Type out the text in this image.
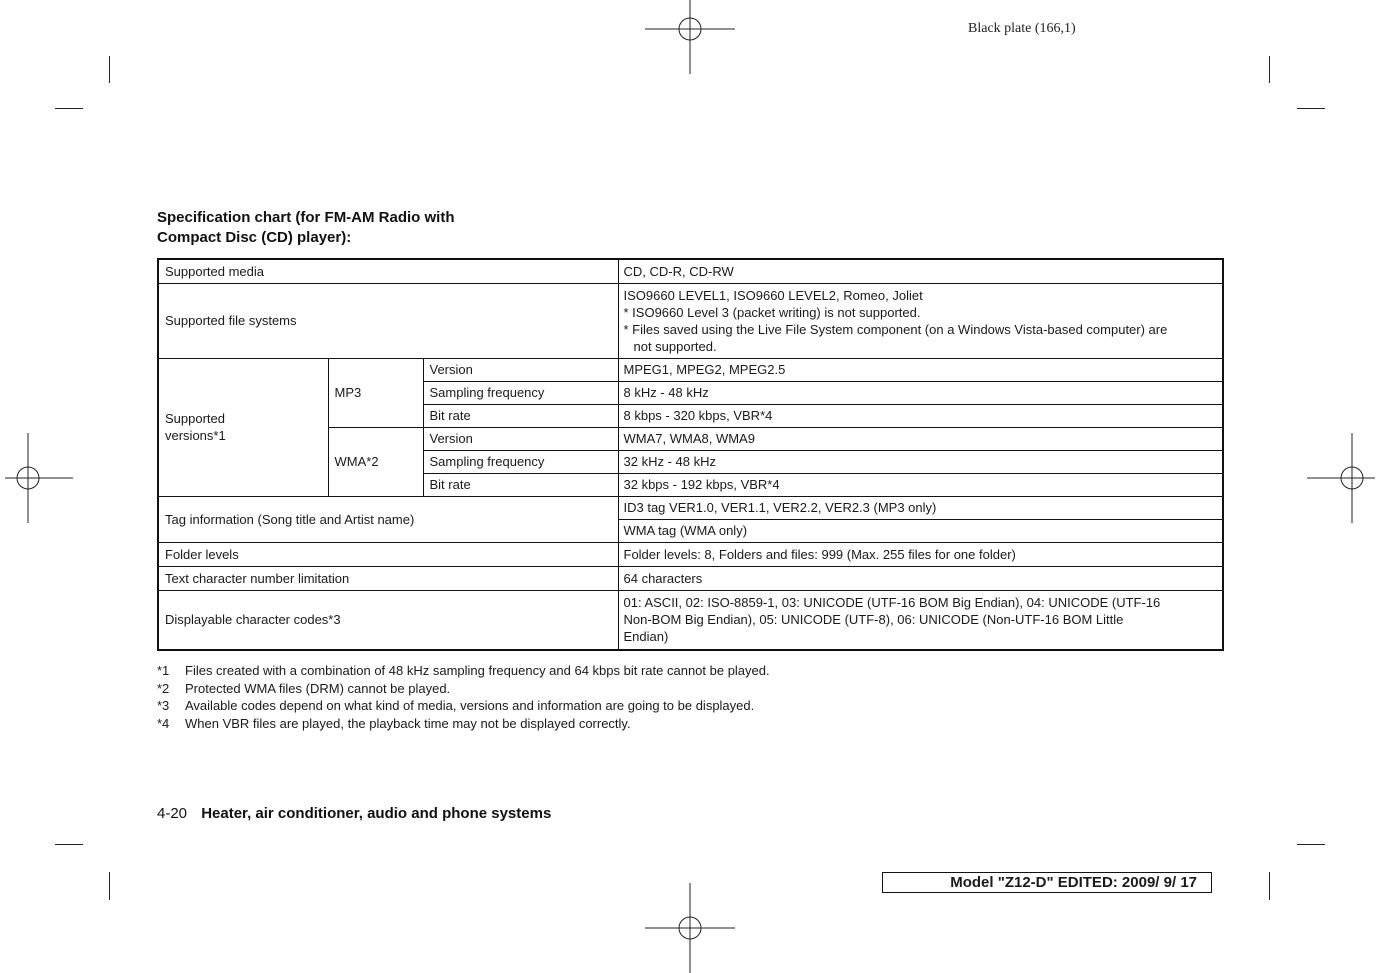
Black plate (166,1)
Specification chart (for FM-AM Radio with
Compact Disc (CD) player):
Supported media			CD, CD-R, CD-RW
Supported file systems			ISO9660 LEVEL1, ISO9660 LEVEL2, Romeo, Joliet
* ISO9660 Level 3 (packet writing) is not supported.
* Files saved using the Live File System component (on a Windows Vista-based computer) are
not supported.

Supported
versions*1	MP3	Version	MPEG1, MPEG2, MPEG2.5
		Sampling frequency	8 kHz - 48 kHz
		Bit rate	8 kbps - 320 kbps, VBR*4
	WMA*2	Version	WMA7, WMA8, WMA9
		Sampling frequency	32 kHz - 48 kHz
		Bit rate	32 kbps - 192 kbps, VBR*4
Tag information (Song title and Artist name)			ID3 tag VER1.0, VER1.1, VER2.2, VER2.3 (MP3 only)
			WMA tag (WMA only)
Folder levels			Folder levels: 8, Folders and files: 999 (Max. 255 files for one folder)
Text character number limitation			64 characters
Displayable character codes*3			01: ASCII, 02: ISO-8859-1, 03: UNICODE (UTF-16 BOM Big Endian), 04: UNICODE (UTF-16
Non-BOM Big Endian), 05: UNICODE (UTF-8), 06: UNICODE (Non-UTF-16 BOM Little
Endian)
*1	Files created with a combination of 48 kHz sampling frequency and 64 kbps bit rate cannot be played.
*2	Protected WMA files (DRM) cannot be played.
*3	Available codes depend on what kind of media, versions and information are going to be displayed.
*4	When VBR files are played, the playback time may not be displayed correctly.
4-20 Heater, air conditioner, audio and phone systems
Model "Z12-D" EDITED: 2009/ 9/ 17
